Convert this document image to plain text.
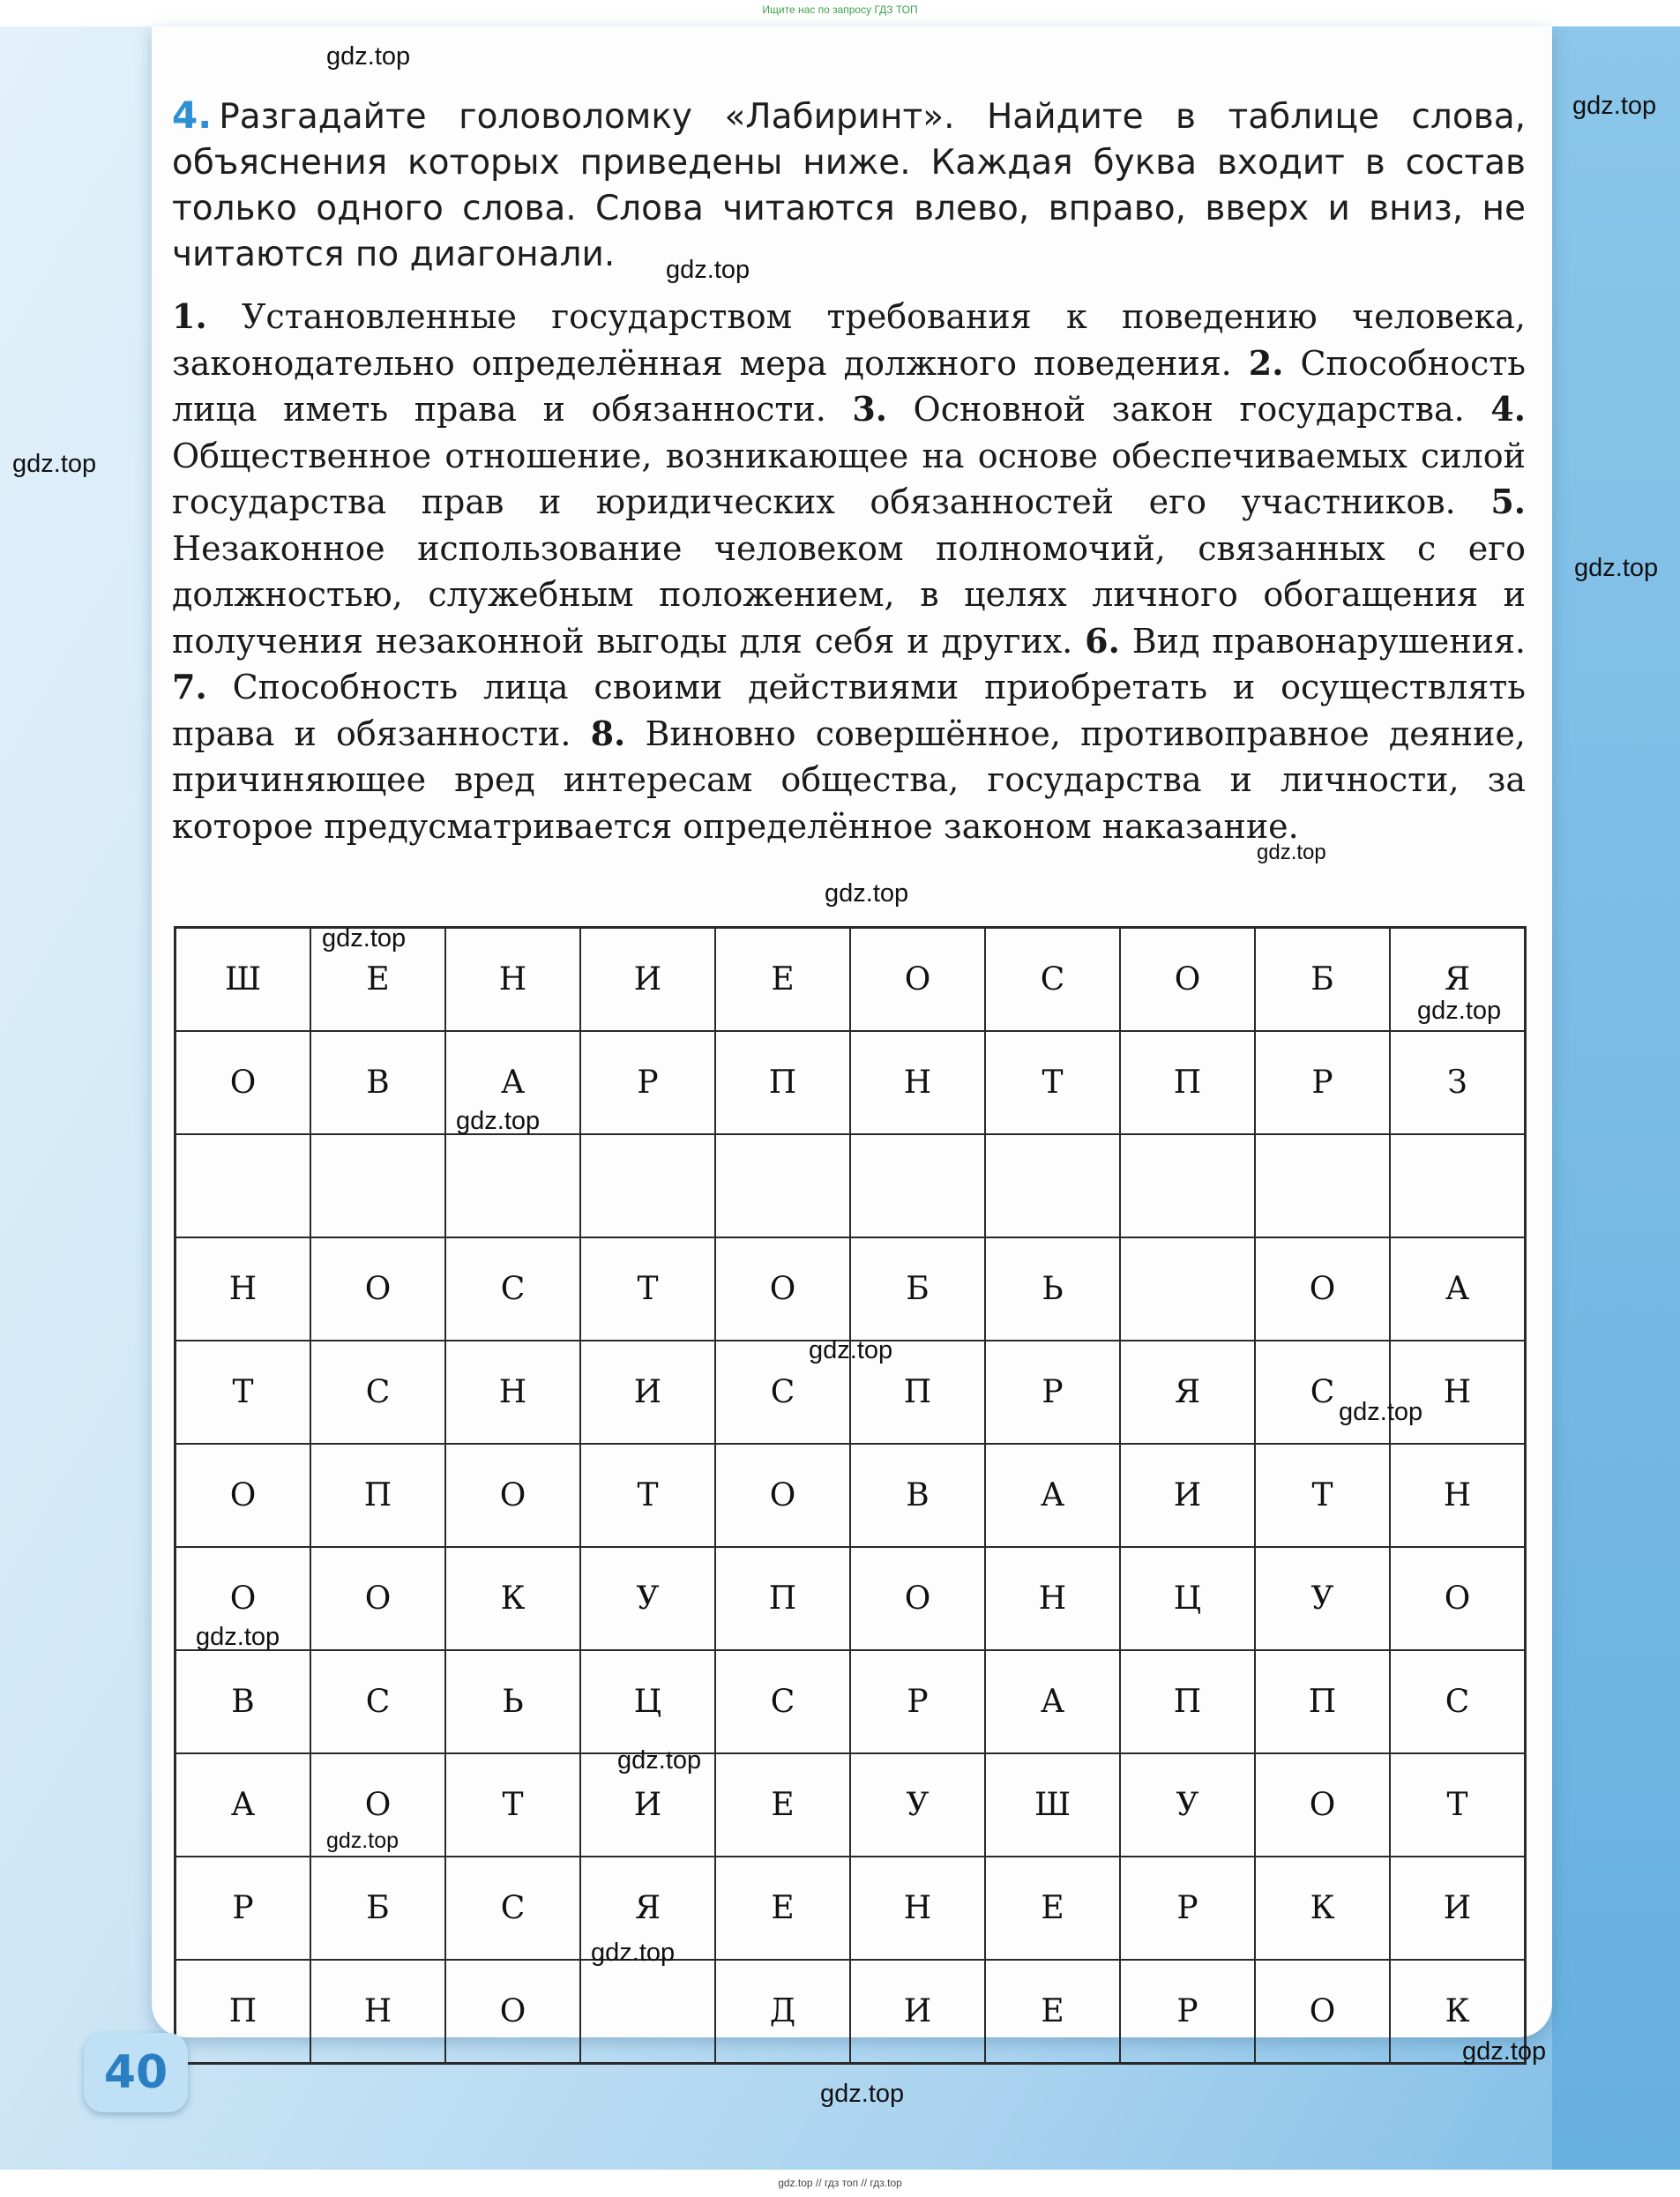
Ищите нас по запросу ГДЗ ТОП
4. Разгадайте головоломку «Лабиринт». Найдите в таблице слова, объяснения которых приведены ниже. Каждая буква входит в состав только одного слова. Слова читаются влево, вправо, вверх и вниз, не читаются по диагонали.
1. Установленные государством требования к поведению человека, законодательно определённая мера должного поведения. 2. Способность лица иметь права и обязанности. 3. Основной закон государства. 4. Общественное отношение, возникающее на основе обеспечиваемых силой государства прав и юридических обязанностей его участников. 5. Незаконное использование человеком полномочий, связанных с его должностью, служебным положением, в целях личного обогащения и получения незаконной выгоды для себя и других. 6. Вид правонарушения. 7. Способность лица своими действиями приобретать и осуществлять права и обязанности. 8. Виновно совершённое, противоправное деяние, причиняющее вред интересам общества, государства и личности, за которое предусматривается определённое законом наказание.
Ш	Е	Н	И	Е	О	С	О	Б	Я
О	В	А	Р	П	Н	Т	П	Р	З

Н	О	С	Т	О	Б	Ь		О	А
Т	С	Н	И	С	П	Р	Я	С	Н
О	П	О	Т	О	В	А	И	Т	Н
О	О	К	У	П	О	Н	Ц	У	О
В	С	Ь	Ц	С	Р	А	П	П	С
А	О	Т	И	Е	У	Ш	У	О	Т
Р	Б	С	Я	Е	Н	Е	Р	К	И
П	Н	О		Д	И	Е	Р	О	К
40
gdz.top
gdz.top
gdz.top
gdz.top
gdz.top
gdz.top
gdz.top
gdz.top
gdz.top
gdz.top
gdz.top
gdz.top
gdz.top
gdz.top
gdz.top
gdz.top
gdz.top
gdz.top
gdz.top // гдз топ // гдз.top
